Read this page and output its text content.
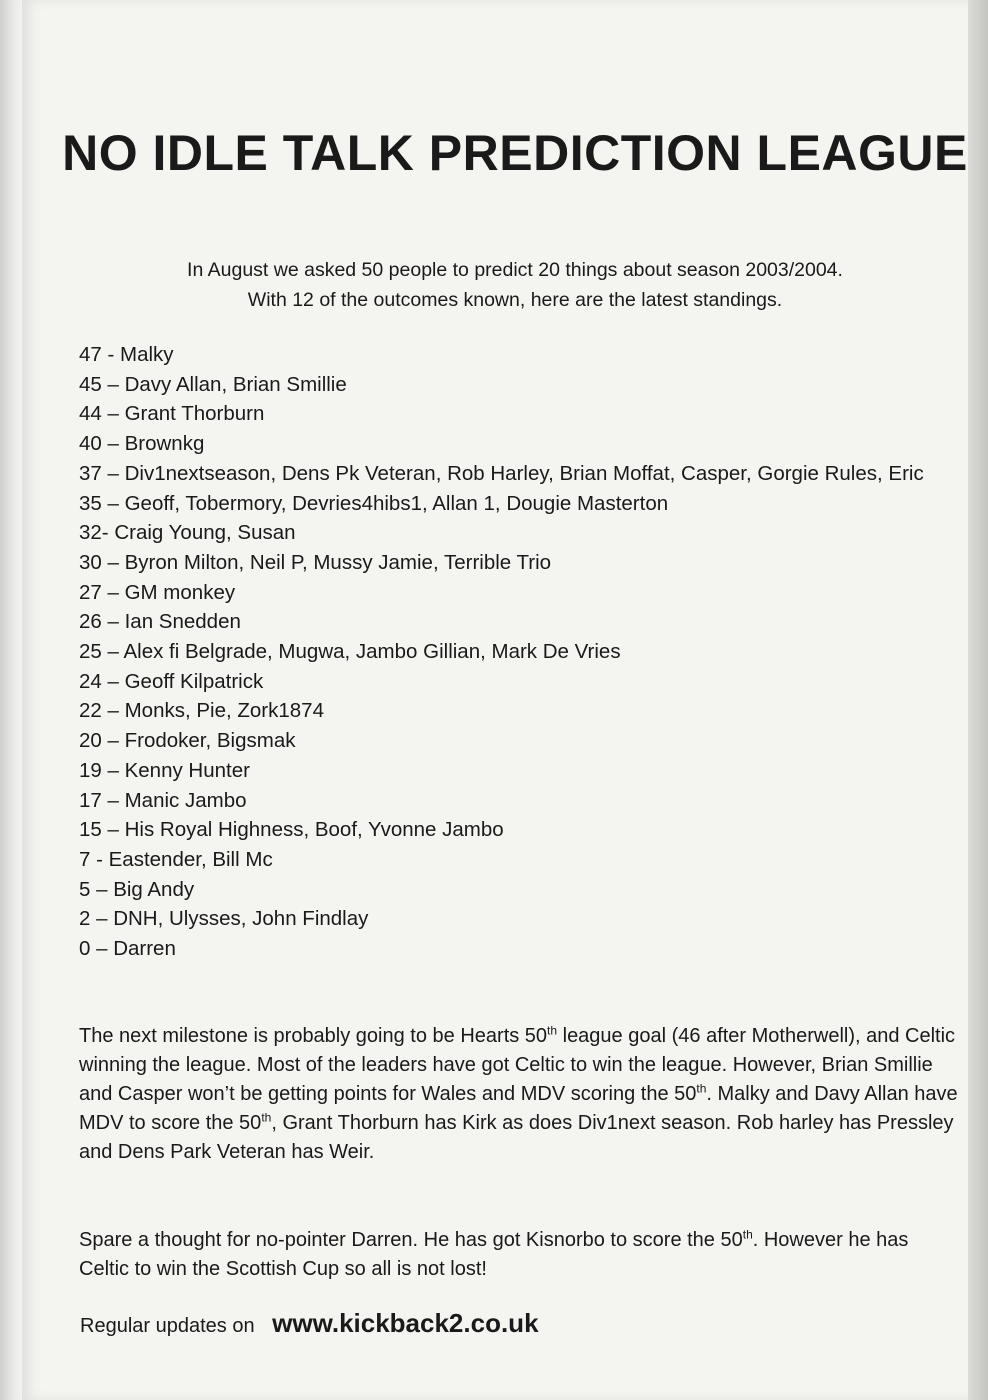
NO IDLE TALK PREDICTION LEAGUE
In August we asked 50 people to predict 20 things about season 2003/2004.
With 12 of the outcomes known, here are the latest standings.
47 - Malky
45 – Davy Allan, Brian Smillie
44 – Grant Thorburn
40 – Brownkg
37 – Div1nextseason, Dens Pk Veteran, Rob Harley, Brian Moffat, Casper, Gorgie Rules, Eric
35 – Geoff, Tobermory, Devries4hibs1, Allan 1, Dougie Masterton
32- Craig Young, Susan
30 – Byron Milton, Neil P, Mussy Jamie, Terrible Trio
27 – GM monkey
26 – Ian Snedden
25 – Alex fi Belgrade, Mugwa, Jambo Gillian, Mark De Vries
24 – Geoff Kilpatrick
22 – Monks, Pie, Zork1874
20 – Frodoker, Bigsmak
19 – Kenny Hunter
17 – Manic Jambo
15 – His Royal Highness, Boof, Yvonne Jambo
7 - Eastender, Bill Mc
5 – Big Andy
2 – DNH, Ulysses, John Findlay
0 – Darren

The next milestone is probably going to be Hearts 50th league goal (46 after Motherwell), and Celtic winning the league. Most of the leaders have got Celtic to win the league. However, Brian Smillie and Casper won’t be getting points for Wales and MDV scoring the 50th. Malky and Davy Allan have MDV to score the 50th, Grant Thorburn has Kirk as does Div1next season. Rob harley has Pressley and Dens Park Veteran has Weir.

Spare a thought for no-pointer Darren. He has got Kisnorbo to score the 50th. However he has Celtic to win the Scottish Cup so all is not lost!

Regular updates on www.kickback2.co.uk
